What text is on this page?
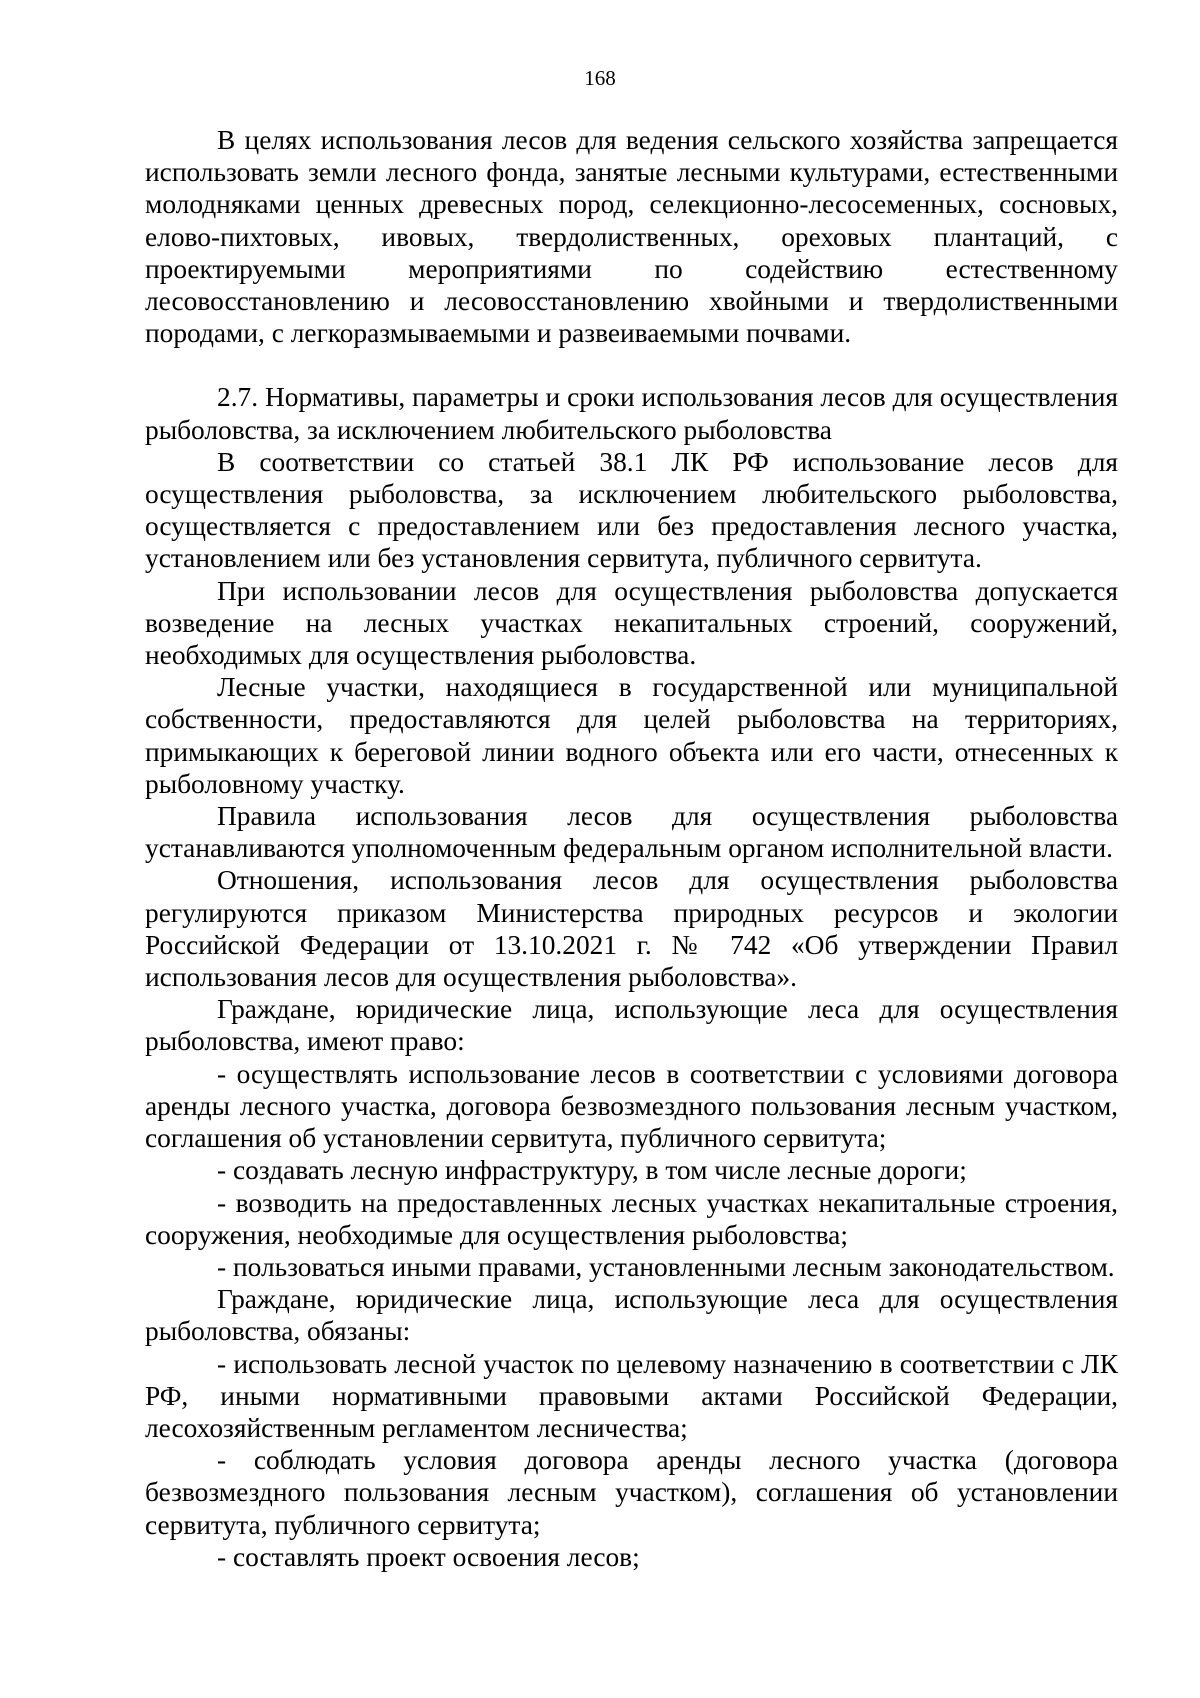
168

В целях использования лесов для ведения сельского хозяйства запрещается использовать земли лесного фонда, занятые лесными культурами, естественными молодняками ценных древесных пород, селекционно-лесосеменных, сосновых, елово-пихтовых, ивовых, твердолиственных, ореховых плантаций, с проектируемыми мероприятиями по содействию естественному лесовосстановлению и лесовосстановлению хвойными и твердолиственными породами, с легкоразмываемыми и развеиваемыми почвами.

2.7. Нормативы, параметры и сроки использования лесов для осуществления рыболовства, за исключением любительского рыболовства

В соответствии со статьей 38.1 ЛК РФ использование лесов для осуществления рыболовства, за исключением любительского рыболовства, осуществляется с предоставлением или без предоставления лесного участка, установлением или без установления сервитута, публичного сервитута.

При использовании лесов для осуществления рыболовства допускается возведение на лесных участках некапитальных строений, сооружений, необходимых для осуществления рыболовства.

Лесные участки, находящиеся в государственной или муниципальной собственности, предоставляются для целей рыболовства на территориях, примыкающих к береговой линии водного объекта или его части, отнесенных к рыболовному участку.

Правила использования лесов для осуществления рыболовства устанавливаются уполномоченным федеральным органом исполнительной власти.

Отношения, использования лесов для осуществления рыболовства регулируются приказом Министерства природных ресурсов и экологии Российской Федерации от 13.10.2021 г. № 742 «Об утверждении Правил использования лесов для осуществления рыболовства».

Граждане, юридические лица, использующие леса для осуществления рыболовства, имеют право:

- осуществлять использование лесов в соответствии с условиями договора аренды лесного участка, договора безвозмездного пользования лесным участком, соглашения об установлении сервитута, публичного сервитута;

- создавать лесную инфраструктуру, в том числе лесные дороги;

- возводить на предоставленных лесных участках некапитальные строения, сооружения, необходимые для осуществления рыболовства;

- пользоваться иными правами, установленными лесным законодательством.

Граждане, юридические лица, использующие леса для осуществления рыболовства, обязаны:

- использовать лесной участок по целевому назначению в соответствии с ЛК РФ, иными нормативными правовыми актами Российской Федерации, лесохозяйственным регламентом лесничества;

- соблюдать условия договора аренды лесного участка (договора безвозмездного пользования лесным участком), соглашения об установлении сервитута, публичного сервитута;

- составлять проект освоения лесов;
